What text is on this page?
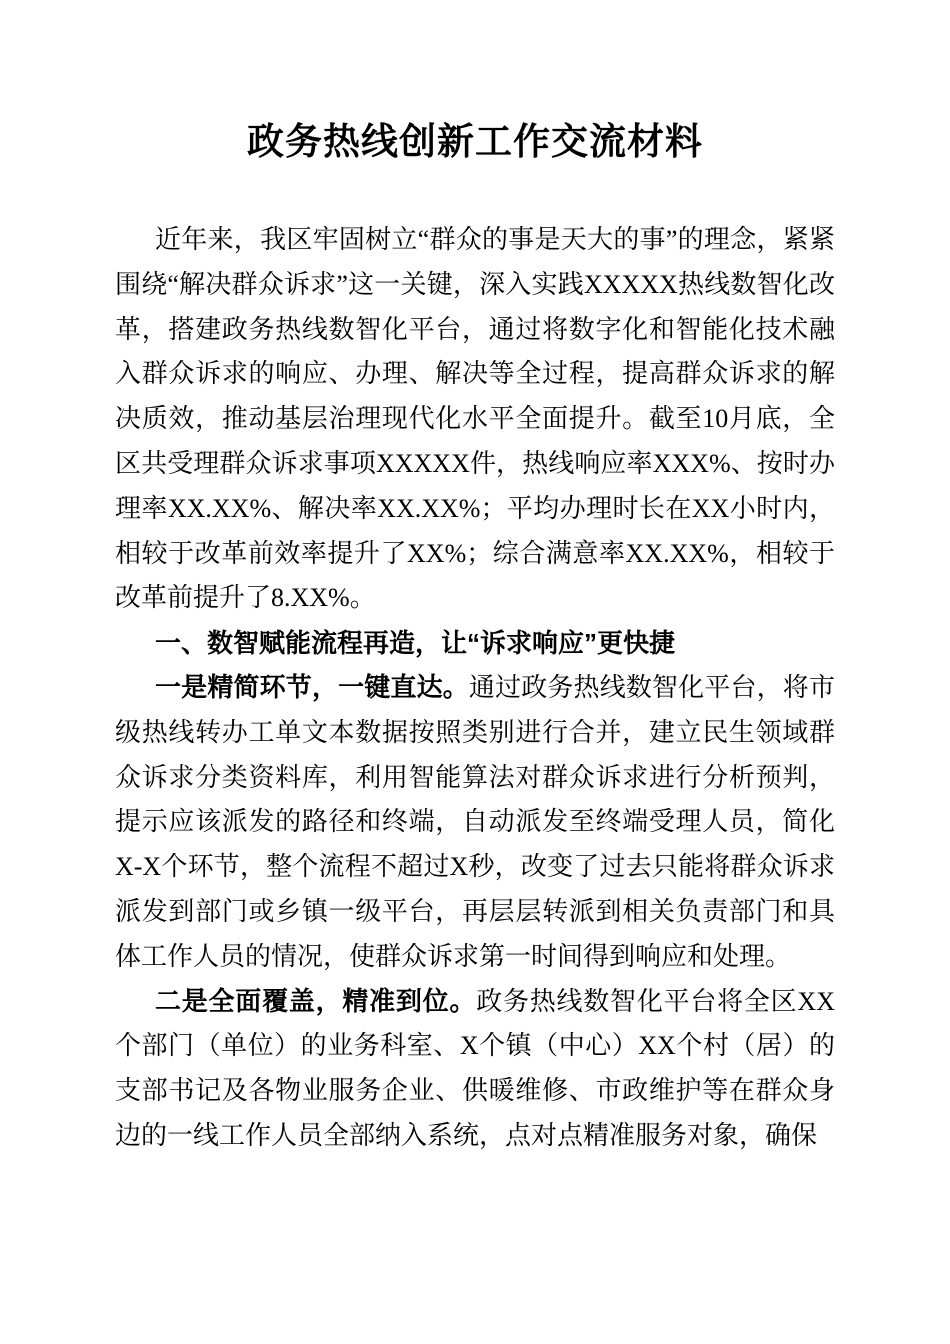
政务热线创新工作交流材料

近年来，我区牢固树立“群众的事是天大的事”的理念，紧紧围绕“解决群众诉求”这一关键，深入实践XXXXX热线数智化改革，搭建政务热线数智化平台，通过将数字化和智能化技术融入群众诉求的响应、办理、解决等全过程，提高群众诉求的解决质效，推动基层治理现代化水平全面提升。截至10月底，全区共受理群众诉求事项XXXXX件，热线响应率XXX%、按时办理率XX.XX%、解决率XX.XX%；平均办理时长在XX小时内，相较于改革前效率提升了XX%；综合满意率XX.XX%，相较于改革前提升了8.XX%。

一、数智赋能流程再造，让“诉求响应”更快捷

一是精简环节，一键直达。通过政务热线数智化平台，将市级热线转办工单文本数据按照类别进行合并，建立民生领域群众诉求分类资料库，利用智能算法对群众诉求进行分析预判，提示应该派发的路径和终端，自动派发至终端受理人员，简化X-X个环节，整个流程不超过X秒，改变了过去只能将群众诉求派发到部门或乡镇一级平台，再层层转派到相关负责部门和具体工作人员的情况，使群众诉求第一时间得到响应和处理。

二是全面覆盖，精准到位。政务热线数智化平台将全区XX个部门（单位）的业务科室、X个镇（中心）XX个村（居）的支部书记及各物业服务企业、供暖维修、市政维护等在群众身边的一线工作人员全部纳入系统，点对点精准服务对象，确保
